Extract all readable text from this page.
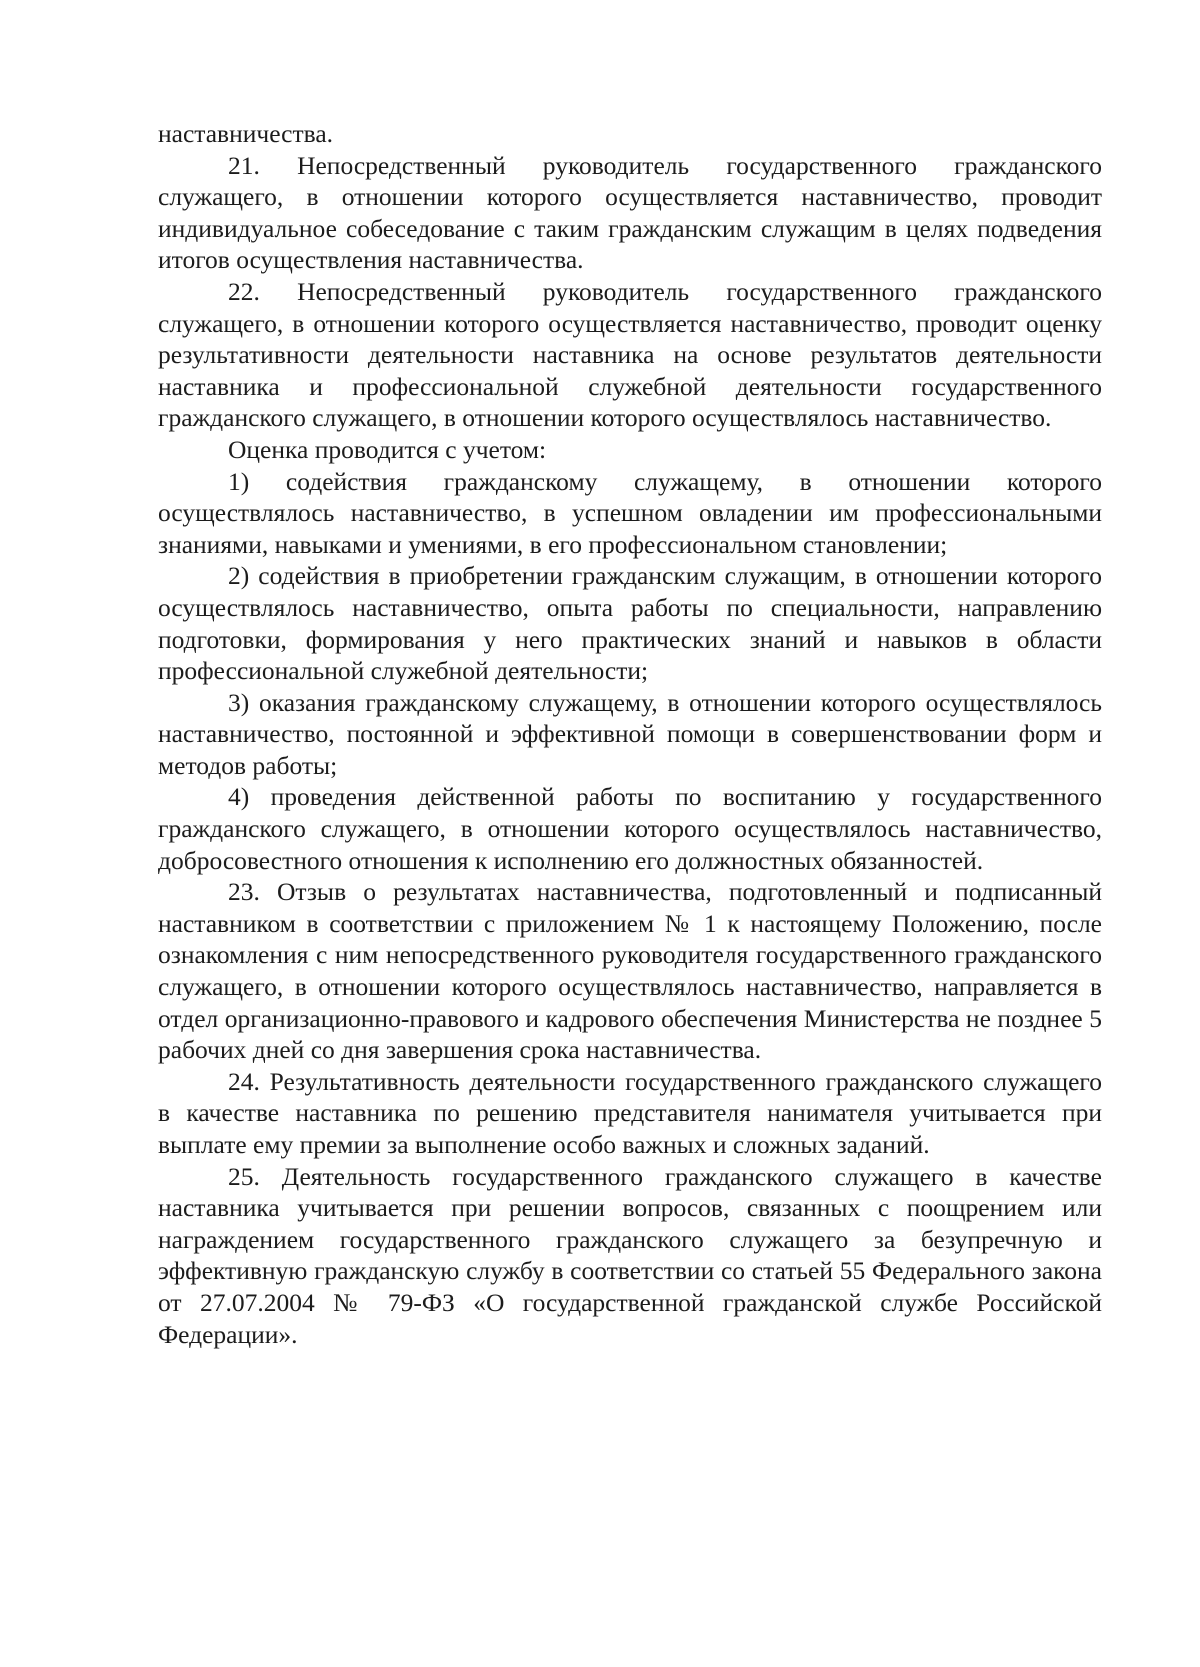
наставничества.

21. Непосредственный руководитель государственного гражданского служащего, в отношении которого осуществляется наставничество, проводит индивидуальное собеседование с таким гражданским служащим в целях подведения итогов осуществления наставничества.

22. Непосредственный руководитель государственного гражданского служащего, в отношении которого осуществляется наставничество, проводит оценку результативности деятельности наставника на основе результатов деятельности наставника и профессиональной служебной деятельности государственного гражданского служащего, в отношении которого осуществлялось наставничество.

Оценка проводится с учетом:

1) содействия гражданскому служащему, в отношении которого осуществлялось наставничество, в успешном овладении им профессиональными знаниями, навыками и умениями, в его профессиональном становлении;

2) содействия в приобретении гражданским служащим, в отношении которого осуществлялось наставничество, опыта работы по специальности, направлению подготовки, формирования у него практических знаний и навыков в области профессиональной служебной деятельности;

3) оказания гражданскому служащему, в отношении которого осуществлялось наставничество, постоянной и эффективной помощи в совершенствовании форм и методов работы;

4) проведения действенной работы по воспитанию у государственного гражданского служащего, в отношении которого осуществлялось наставничество, добросовестного отношения к исполнению его должностных обязанностей.

23. Отзыв о результатах наставничества, подготовленный и подписанный наставником в соответствии с приложением № 1 к настоящему Положению, после ознакомления с ним непосредственного руководителя государственного гражданского служащего, в отношении которого осуществлялось наставничество, направляется в отдел организационно-правового и кадрового обеспечения Министерства не позднее 5 рабочих дней со дня завершения срока наставничества.

24. Результативность деятельности государственного гражданского служащего в качестве наставника по решению представителя нанимателя учитывается при выплате ему премии за выполнение особо важных и сложных заданий.

25. Деятельность государственного гражданского служащего в качестве наставника учитывается при решении вопросов, связанных с поощрением или награждением государственного гражданского служащего за безупречную и эффективную гражданскую службу в соответствии со статьей 55 Федерального закона от 27.07.2004 № 79-ФЗ «О государственной гражданской службе Российской Федерации».
